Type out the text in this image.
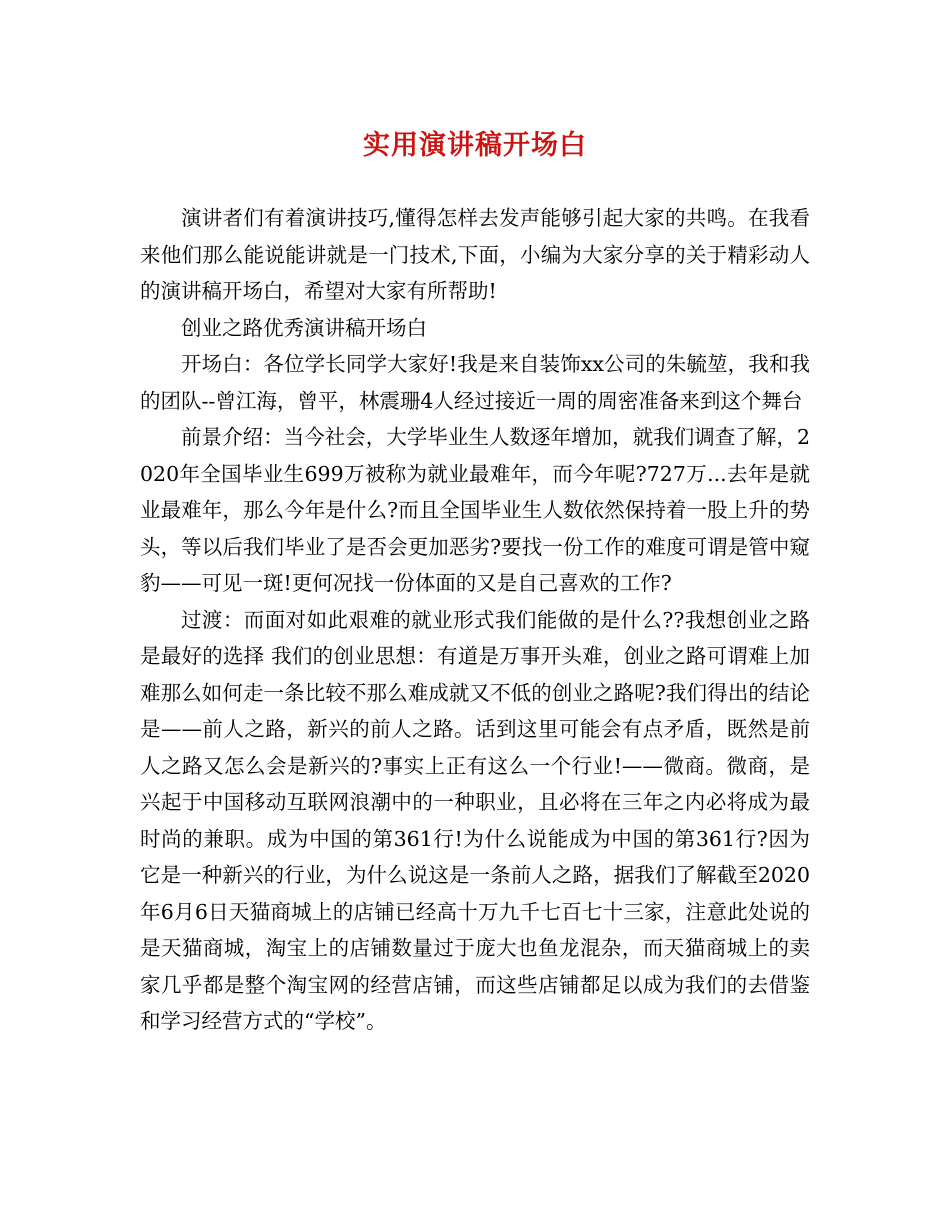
实用演讲稿开场白

演讲者们有着演讲技巧,懂得怎样去发声能够引起大家的共鸣。在我看来他们那么能说能讲就是一门技术,下面，小编为大家分享的关于精彩动人的演讲稿开场白，希望对大家有所帮助!

创业之路优秀演讲稿开场白

开场白：各位学长同学大家好!我是来自装饰xx公司的朱毓堃，我和我的团队--曾江海，曾平，林震珊4人经过接近一周的周密准备来到这个舞台

前景介绍：当今社会，大学毕业生人数逐年增加，就我们调查了解，2020年全国毕业生699万被称为就业最难年，而今年呢?727万...去年是就业最难年，那么今年是什么?而且全国毕业生人数依然保持着一股上升的势头，等以后我们毕业了是否会更加恶劣?要找一份工作的难度可谓是管中窥豹——可见一斑!更何况找一份体面的又是自己喜欢的工作?

过渡：而面对如此艰难的就业形式我们能做的是什么??我想创业之路是最好的选择 我们的创业思想：有道是万事开头难，创业之路可谓难上加难那么如何走一条比较不那么难成就又不低的创业之路呢?我们得出的结论是——前人之路，新兴的前人之路。话到这里可能会有点矛盾，既然是前人之路又怎么会是新兴的?事实上正有这么一个行业!——微商。微商，是兴起于中国移动互联网浪潮中的一种职业，且必将在三年之内必将成为最时尚的兼职。成为中国的第361行!为什么说能成为中国的第361行?因为它是一种新兴的行业，为什么说这是一条前人之路，据我们了解截至2020年6月6日天猫商城上的店铺已经高十万九千七百七十三家，注意此处说的是天猫商城，淘宝上的店铺数量过于庞大也鱼龙混杂，而天猫商城上的卖家几乎都是整个淘宝网的经营店铺，而这些店铺都足以成为我们的去借鉴和学习经营方式的“学校”。
